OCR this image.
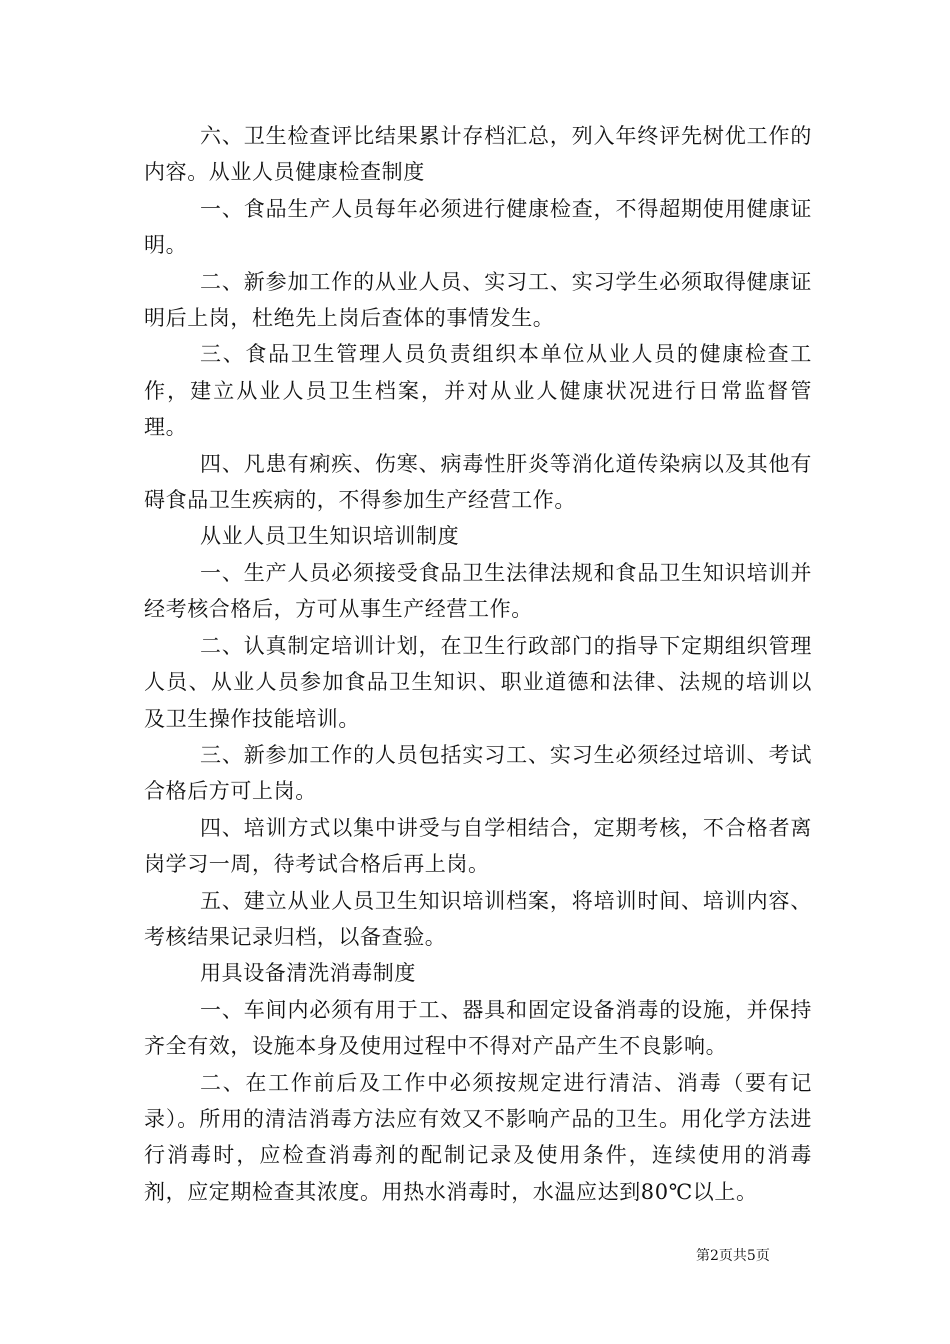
六、卫生检查评比结果累计存档汇总，列入年终评先树优工作的内容。从业人员健康检查制度

一、食品生产人员每年必须进行健康检查，不得超期使用健康证明。

二、新参加工作的从业人员、实习工、实习学生必须取得健康证明后上岗，杜绝先上岗后查体的事情发生。

三、食品卫生管理人员负责组织本单位从业人员的健康检查工作，建立从业人员卫生档案，并对从业人健康状况进行日常监督管理。

四、凡患有痢疾、伤寒、病毒性肝炎等消化道传染病以及其他有碍食品卫生疾病的，不得参加生产经营工作。

从业人员卫生知识培训制度

一、生产人员必须接受食品卫生法律法规和食品卫生知识培训并经考核合格后，方可从事生产经营工作。

二、认真制定培训计划，在卫生行政部门的指导下定期组织管理人员、从业人员参加食品卫生知识、职业道德和法律、法规的培训以及卫生操作技能培训。

三、新参加工作的人员包括实习工、实习生必须经过培训、考试合格后方可上岗。

四、培训方式以集中讲受与自学相结合，定期考核，不合格者离岗学习一周，待考试合格后再上岗。

五、建立从业人员卫生知识培训档案，将培训时间、培训内容、考核结果记录归档，以备查验。

用具设备清洗消毒制度

一、车间内必须有用于工、器具和固定设备消毒的设施，并保持齐全有效，设施本身及使用过程中不得对产品产生不良影响。

二、在工作前后及工作中必须按规定进行清洁、消毒（要有记录）。所用的清洁消毒方法应有效又不影响产品的卫生。用化学方法进行消毒时，应检查消毒剂的配制记录及使用条件，连续使用的消毒剂，应定期检查其浓度。用热水消毒时，水温应达到80℃以上。

第2页共5页
